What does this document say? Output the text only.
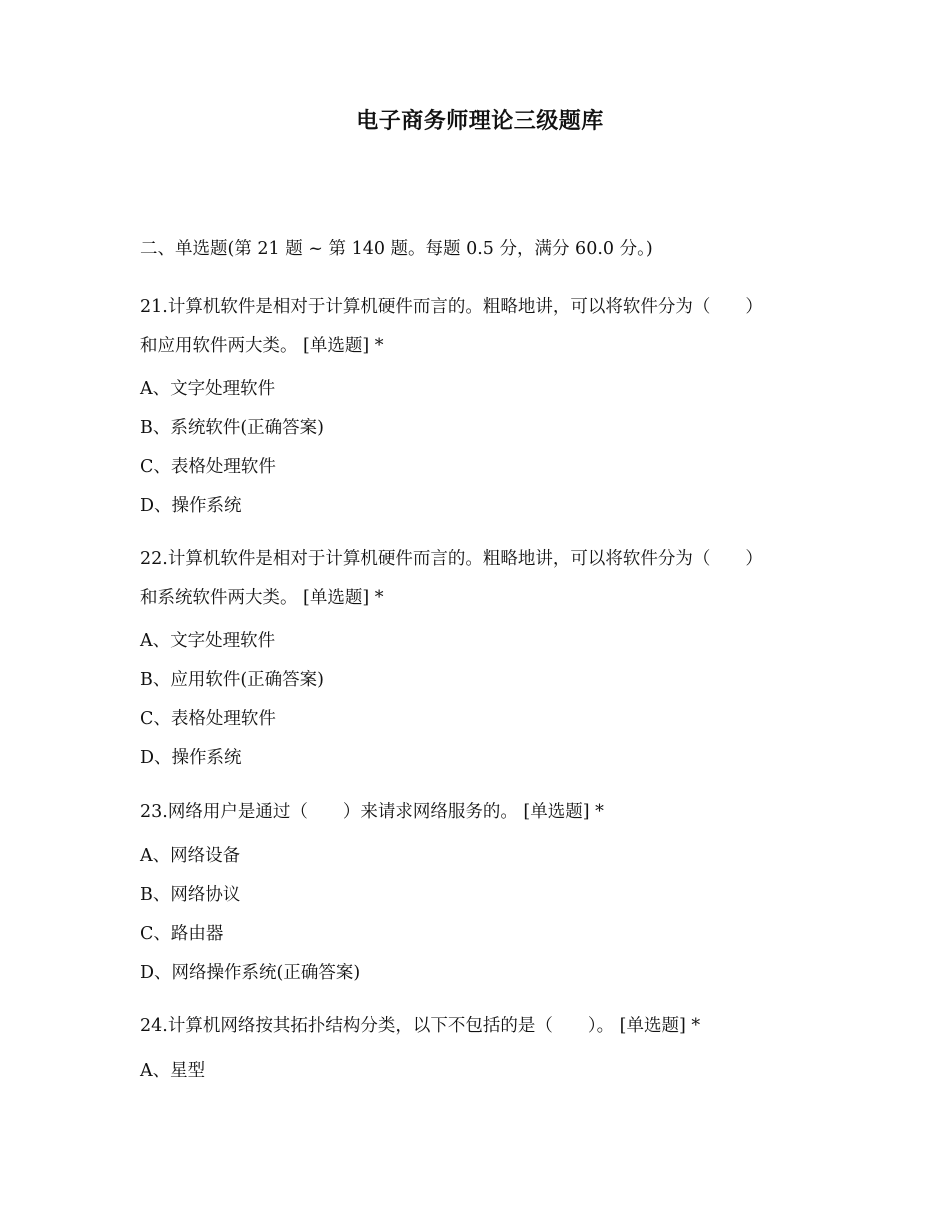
电子商务师理论三级题库
二、单选题(第 21 题 ~ 第 140 题。每题 0.5 分，满分 60.0 分。)
21.计算机软件是相对于计算机硬件而言的。粗略地讲，可以将软件分为（　　）
和应用软件两大类。 [单选题] *
A、文字处理软件
B、系统软件(正确答案)
C、表格处理软件
D、操作系统
22.计算机软件是相对于计算机硬件而言的。粗略地讲，可以将软件分为（　　）
和系统软件两大类。 [单选题] *
A、文字处理软件
B、应用软件(正确答案)
C、表格处理软件
D、操作系统
23.网络用户是通过（　　）来请求网络服务的。 [单选题] *
A、网络设备
B、网络协议
C、路由器
D、网络操作系统(正确答案)
24.计算机网络按其拓扑结构分类，以下不包括的是（　　）。 [单选题] *
A、星型
